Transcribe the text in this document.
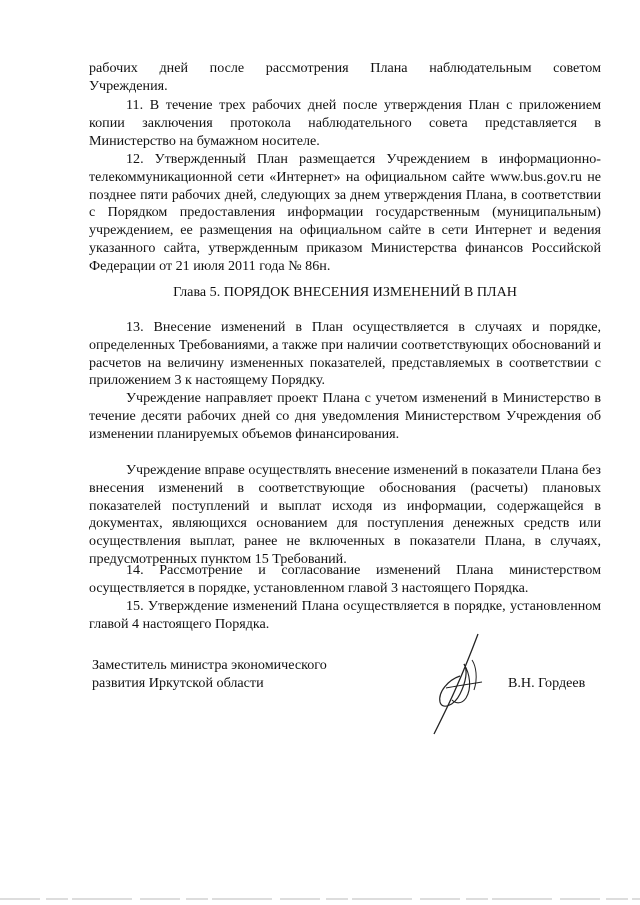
рабочих дней после рассмотрения Плана наблюдательным советом
Учреждения.

11. В течение трех рабочих дней после утверждения План с приложением копии заключения протокола наблюдательного совета представляется в Министерство на бумажном носителе.

12. Утвержденный План размещается Учреждением в информационно-телекоммуникационной сети «Интернет» на официальном сайте www.bus.gov.ru не позднее пяти рабочих дней, следующих за днем утверждения Плана, в соответствии с Порядком предоставления информации государственным (муниципальным) учреждением, ее размещения на официальном сайте в сети Интернет и ведения указанного сайта, утвержденным приказом Министерства финансов Российской Федерации от 21 июля 2011 года № 86н.

Глава 5. ПОРЯДОК ВНЕСЕНИЯ ИЗМЕНЕНИЙ В ПЛАН

13. Внесение изменений в План осуществляется в случаях и порядке, определенных Требованиями, а также при наличии соответствующих обоснований и расчетов на величину измененных показателей, представляемых в соответствии с приложением 3 к настоящему Порядку.

Учреждение направляет проект Плана с учетом изменений в Министерство в течение десяти рабочих дней со дня уведомления Министерством Учреждения об изменении планируемых объемов финансирования.

Учреждение вправе осуществлять внесение изменений в показатели Плана без внесения изменений в соответствующие обоснования (расчеты) плановых показателей поступлений и выплат исходя из информации, содержащейся в документах, являющихся основанием для поступления денежных средств или осуществления выплат, ранее не включенных в показатели Плана, в случаях, предусмотренных пунктом 15 Требований.

14. Рассмотрение и согласование изменений Плана министерством осуществляется в порядке, установленном главой 3 настоящего Порядка.

15. Утверждение изменений Плана осуществляется в порядке, установленном главой 4 настоящего Порядка.

Заместитель министра экономического
развития Иркутской области	В.Н. Гордеев
